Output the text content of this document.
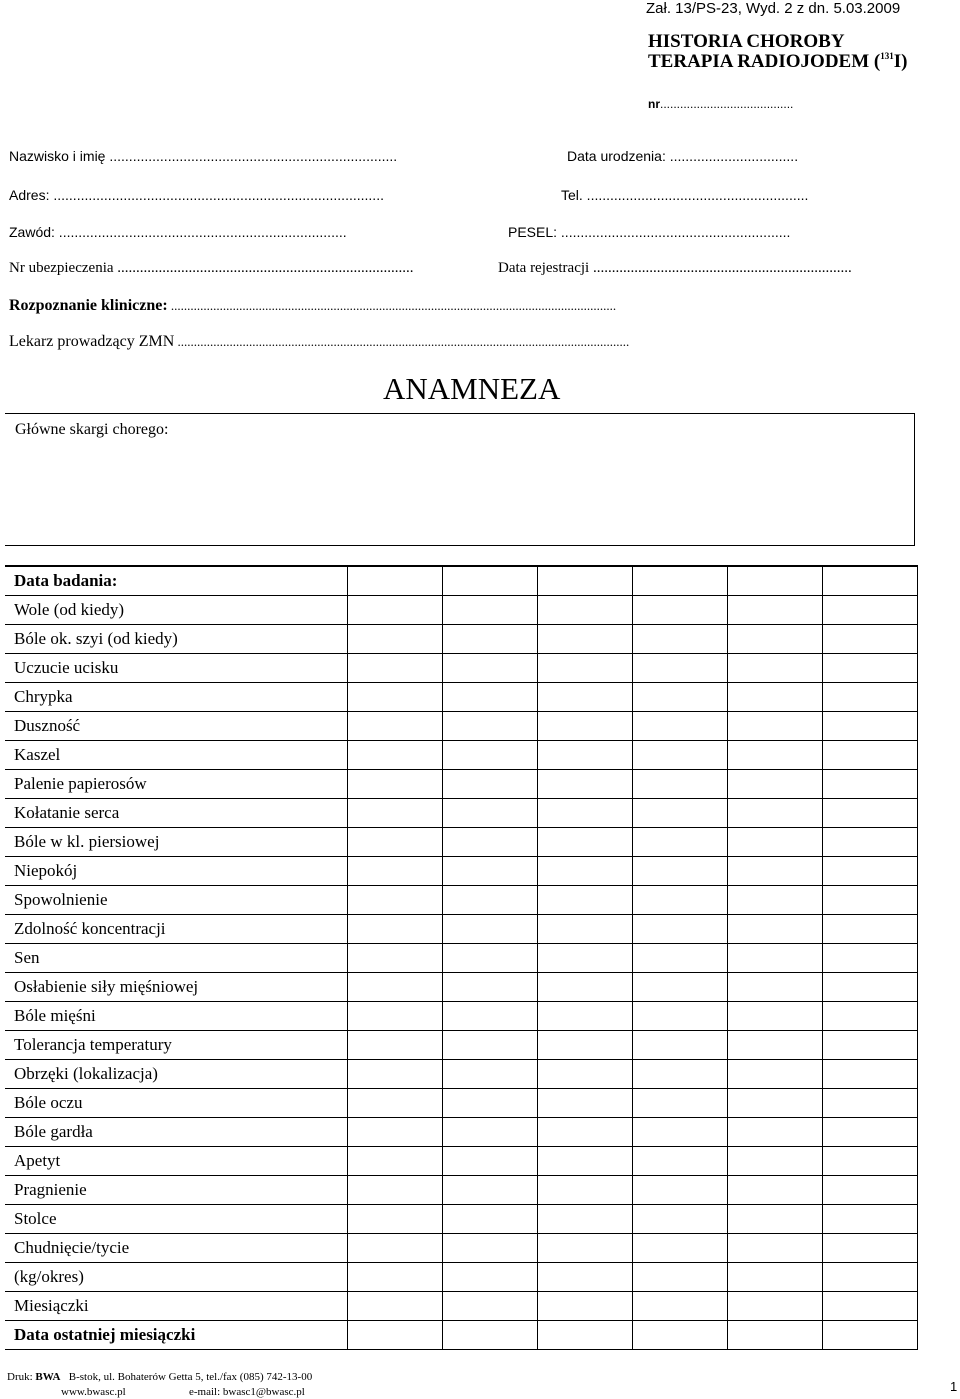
Zał. 13/PS-23, Wyd. 2 z dn. 5.03.2009
HISTORIA CHOROBY
TERAPIA RADIOJODEM ($^{131}$I)
nr........................................
Nazwisko i imię ..........................................................................	Data urodzenia: .................................
Adres: .....................................................................................	Tel. .........................................................
Zawód: ..........................................................................	PESEL: ...........................................................
Nr ubezpieczenia ...............................................................................	Data rejestracji .....................................................................
Rozpoznanie kliniczne: .........................................................................................................................................
Lekarz prowadzący ZMN ...........................................................................................................................................
ANAMNEZA
Główne skargi chorego:
Data badania:						
Wole (od kiedy)						
Bóle ok. szyi (od kiedy)						
Uczucie ucisku						
Chrypka						
Duszność						
Kaszel						
Palenie papierosów						
Kołatanie serca						
Bóle w kl. piersiowej						
Niepokój						
Spowolnienie						
Zdolność koncentracji						
Sen						
Osłabienie siły mięśniowej						
Bóle mięśni						
Tolerancja temperatury						
Obrzęki (lokalizacja)						
Bóle oczu						
Bóle gardła						
Apetyt						
Pragnienie						
Stolce						
Chudnięcie/tycie						
(kg/okres)						
Miesiączki						
Data ostatniej miesiączki						
Druk: BWA B-stok, ul. Bohaterów Getta 5, tel./fax (085) 742-13-00
www.bwasc.pl	e-mail: bwasc1@bwasc.pl	1
